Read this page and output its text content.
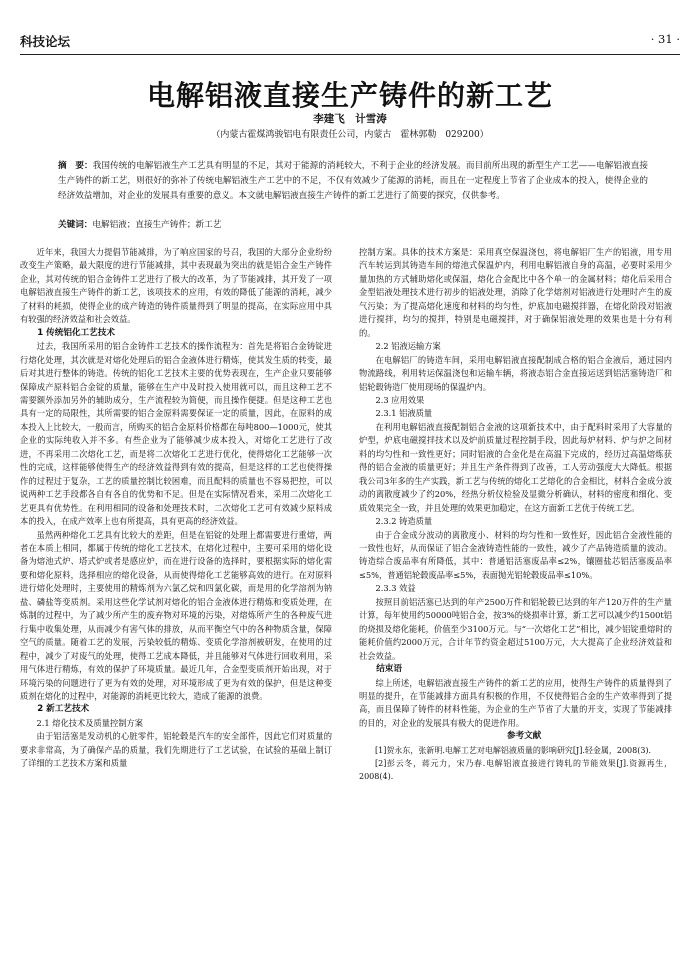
科技论坛	· 31 ·
电解铝液直接生产铸件的新工艺
李建飞　计雪涛
（内蒙古霍煤鸿骏铝电有限责任公司，内蒙古　霍林郭勒　029200）
摘　要：我国传统的电解铝液生产工艺具有明显的不足，其对于能源的消耗较大，不利于企业的经济发展。而目前所出现的新型生产工艺——电解铝液直接生产铸件的新工艺，则很好的弥补了传统电解铝液生产工艺中的不足，不仅有效减少了能源的消耗，而且在一定程度上节省了企业成本的投入，使得企业的经济效益增加，对企业的发展具有重要的意义。本文就电解铝液直接生产铸件的新工艺进行了简要的探究，仅供参考。
关键词：电解铝液；直接生产铸件；新工艺

近年来，我国大力提倡节能减排，为了响应国家的号召，我国的大部分企业纷纷改变生产策略，最大限度的进行节能减排，其中表现最为突出的就是铝合金生产铸件企业，其对传统的铝合金铸件工艺进行了极大的改革，为了节能减排，其开发了一项电解铝液直接生产铸件的新工艺，该项技术的应用，有效的降低了能源的消耗，减少了材料的耗损，使得企业的成产铸造的铸件质量得到了明显的提高，在实际应用中具有较强的经济效益和社会效益。

1 传统铝化工艺技术

过去，我国所采用的铝合金铸件工艺技术的操作流程为：首先是将铝合金铸锭进行熔化处理，其次就是对熔化处理后的铝合金液体进行精炼，使其发生质的转变，最后对其进行整体的铸造。传统的铝化工艺技术主要的优势表现在，生产企业只要能够保障成产原料铝合金锭的质量，能够在生产中及时投入使用就可以，而且这种工艺不需要额外添加另外的辅助成分，生产流程较为简便，而且操作便捷。但是这种工艺也具有一定的局限性，其所需要的铝合金原料需要保证一定的质量，因此，在原料的成本投入上比较大，一般而言，所购买的铝合金原料价格都在每吨800—1000元，使其企业的实际纯收入并不多。有些企业为了能够减少成本投入，对熔化工艺进行了改进，不再采用二次熔化工艺，而是将二次熔化工艺进行优化，使得熔化工艺能够一次性的完成，这样能够使得生产的经济效益得到有效的提高，但是这样的工艺也使得操作的过程过于复杂，工艺的质量控制比较困难，而且配料的质量也不容易把控，可以说两种工艺手段都各自有各自的优势和不足。但是在实际情况看来，采用二次熔化工艺更具有优势性。在利用相同的设备和处理技术时，二次熔化工艺可有效减少原料成本的投入，在成产效率上也有所提高，具有更高的经济效益。

虽然两种熔化工艺具有比较大的差距，但是在铝锭的处理上都需要进行重熔，两者在本质上相同，都属于传统的熔化工艺技术，在熔化过程中，主要可采用的熔化设备为熔池式炉、塔式炉或者是感应炉，而在进行设备的选择时，要根据实际的熔化需要和熔化原料，选择相应的熔化设备，从而使得熔化工艺能够高效的进行。在对原料进行熔化处理时，主要使用的精炼剂为六氯乙烷和四氯化碳，而是用的化学溶剂为钠盐、磷盐等变质剂。采用这些化学试剂对熔化的铝合金液体进行精炼和变质处理，在炼制的过程中，为了减少所产生的废弃物对环境的污染，对熔炼所产生的各种废气进行集中收集处理，从而减少有害气体的排放，从而平衡空气中的各种物质含量，保障空气的质量。随着工艺的发展，污染较低的精炼、变质化学溶剂被研发，在使用的过程中，减少了对废气的处理，使得工艺成本降低，并且能够对气体进行回收利用，采用气体进行精炼，有效的保护了环境质量。最近几年，合金型变质剂开始出现，对于环境污染的问题进行了更为有效的处理，对环境形成了更为有效的保护，但是这种变质剂在熔化的过程中，对能源的消耗更比较大，造成了能源的浪费。

2 新工艺技术
2.1 熔化技术及质量控制方案

由于铝活塞是发动机的心脏零件，铝轮毂是汽车的安全部件，因此它们对质量的要求非常高，为了确保产品的质量，我们先期进行了工艺试验，在试验的基础上制订了详细的工艺技术方案和质量

控制方案。具体的技术方案是：采用真空保温浇包，将电解铝厂生产的铝液，用专用汽车转运到其铸造车间的熔池式保温炉内，利用电解铝液自身的高温，必要时采用少量加热的方式辅助熔化或保温，熔化合金配比中各个单一的金属材料；熔化后采用合金型铝液处理技术进行初步的铝液处理，消除了化学熔剂对铝液进行处理时产生的废气污染；为了提高熔化速度和材料的均匀性，炉底加电磁搅拌器，在熔化阶段对铝液进行搅拌，均匀的搅拌，特别是电磁搅拌，对于确保铝液处理的效果也是十分有利的。

2.2 铝液运输方案

在电解铝厂的铸造车间，采用电解铝液直接配制成合格的铝合金液后，通过园内物流路线，利用转运保温浇包和运输车辆，将液态铝合金直接运送到铝活塞铸造厂和铝轮毂铸造厂使用现场的保温炉内。

2.3 应用效果
2.3.1 铝液质量

在利用电解铝液直接配制铝合金液的这项新技术中，由于配料时采用了大容量的炉型，炉底电磁搅拌技术以及炉前质量过程控制手段，因此每炉材料、炉与炉之间材料的均匀性和一致性更好；同时铝液的合金化是在高温下完成的，经历过高温熔炼获得的铝合金液的质量更好；并且生产条件得到了改善，工人劳动强度大大降低。根据我公司3年多的生产实践，新工艺与传统的熔化工艺熔化的合金相比，材料合金成分波动的离散度减少了约20%，经热分析仪检验及显微分析确认，材料的密度和细化、变质效果完全一致，并且处理的效果更加稳定，在这方面新工艺优于传统工艺。

2.3.2 铸造质量

由于合金成分波动的离散度小、材料的均匀性和一致性好，因此铝合金液性能的一致性也好，从而保证了铝合金液铸造性能的一致性，减少了产品铸造质量的波动。铸造综合废品率有所降低，其中：普通铝活塞废品率≤2%，镶圈盐芯铝活塞废品率≤5%，普通铝轮毂废品率≤5%，表面抛光铝轮毂废品率≤10%。

2.3.3 效益

按照目前铝活塞已达到的年产2500万件和铝轮毂已达到的年产120万件的生产量计算，每年使用约50000吨铝合金，按3%的烧损率计算，新工艺可以减少约1500t铝的烧损及熔化能耗，价值至少3100万元。与“一次熔化工艺”相比，减少铝锭重熔时的能耗价值约2000万元，合计年节约资金超过5100万元，大大提高了企业经济效益和社会效益。

结束语

综上所述，电解铝液直接生产铸件的新工艺的应用，使得生产铸件的质量得到了明显的提升，在节能减排方面具有积极的作用，不仅使得铝合金的生产效率得到了提高，而且保障了铸件的材料性能，为企业的生产节省了大量的开支，实现了节能减排的目的，对企业的发展具有极大的促进作用。

参考文献

[1]贺永东，张新明.电解工艺对电解铝液质量的影响研究[J].轻金属，2008(3).

[2]彭云冬，蒋元力，宋乃春.电解铝液直接进行铸轧的节能效果[J].资源再生，2008(4).
